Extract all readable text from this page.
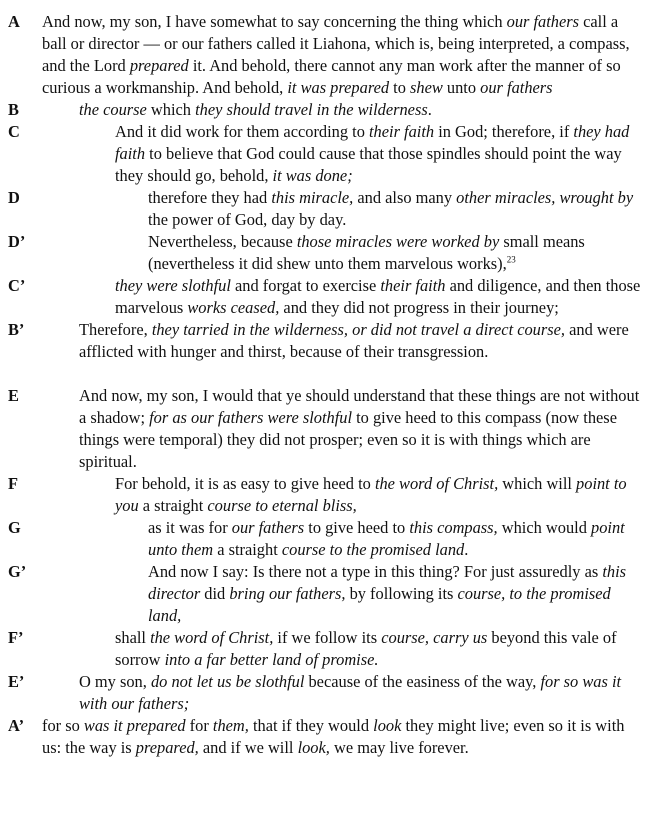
A	And now, my son, I have somewhat to say concerning the thing which our fathers call a ball or director — or our fathers called it Liahona, which is, being interpreted, a compass, and the Lord prepared it. And behold, there cannot any man work after the manner of so curious a workmanship. And behold, it was prepared to shew unto our fathers
B	the course which they should travel in the wilderness.
C	And it did work for them according to their faith in God; therefore, if they had faith to believe that God could cause that those spindles should point the way they should go, behold, it was done;
D	therefore they had this miracle, and also many other miracles, wrought by the power of God, day by day.
D’	Nevertheless, because those miracles were worked by small means (nevertheless it did shew unto them marvelous works),$^{23}$
C’	they were slothful and forgat to exercise their faith and diligence, and then those marvelous works ceased, and they did not progress in their journey;
B’	Therefore, they tarried in the wilderness, or did not travel a direct course, and were afflicted with hunger and thirst, because of their transgression.
E	And now, my son, I would that ye should understand that these things are not without a shadow; for as our fathers were slothful to give heed to this compass (now these things were temporal) they did not prosper; even so it is with things which are spiritual.
F	For behold, it is as easy to give heed to the word of Christ, which will point to you a straight course to eternal bliss,
G	as it was for our fathers to give heed to this compass, which would point unto them a straight course to the promised land.
G’	And now I say: Is there not a type in this thing? For just assuredly as this director did bring our fathers, by following its course, to the promised land,
F’	shall the word of Christ, if we follow its course, carry us beyond this vale of sorrow into a far better land of promise.
E’	O my son, do not let us be slothful because of the easiness of the way, for so was it with our fathers;
A’	for so was it prepared for them, that if they would look they might live; even so it is with us: the way is prepared, and if we will look, we may live forever.
